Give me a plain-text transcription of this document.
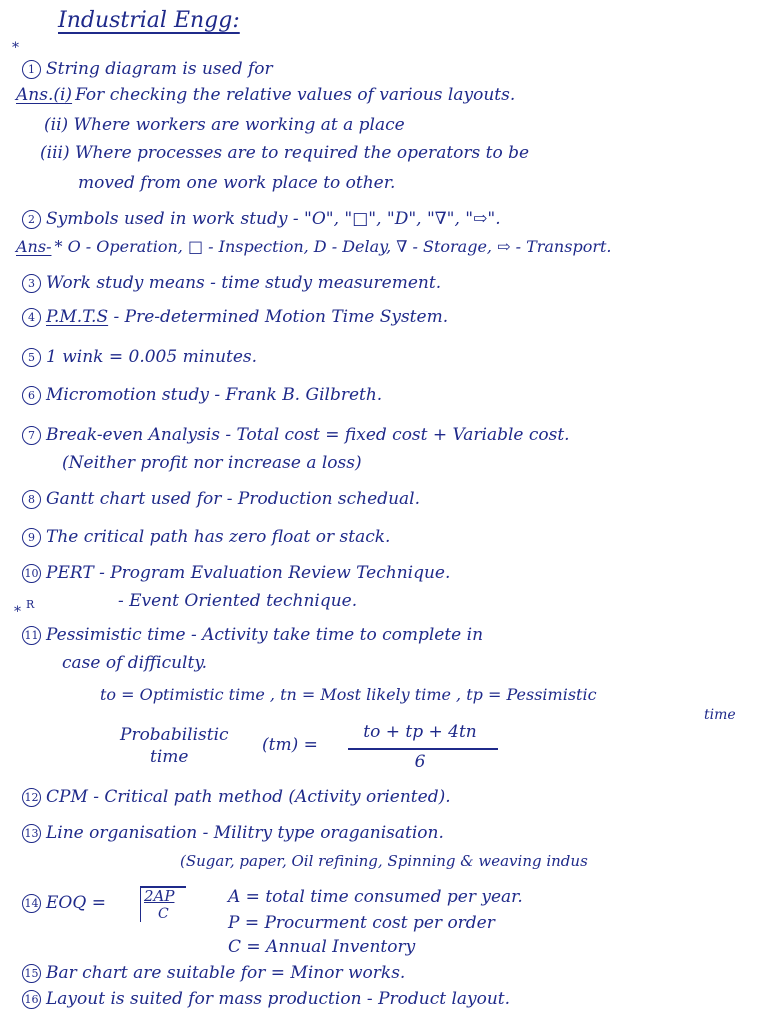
Industrial Engg:
*
1 String diagram is used for
Ans.(i) For checking the relative values of various layouts.
(ii) Where workers are working at a place
(iii) Where processes are to required the operators to be
moved from one work place to other.
2 Symbols used in work study - "O", "□", "D", "∇", "⇨".
Ans- * O - Operation, □ - Inspection, D - Delay, ∇ - Storage, ⇨ - Transport.
3 Work study means - time study measurement.
4 P.M.T.S - Pre-determined Motion Time System.
5 1 wink = 0.005 minutes.
6 Micromotion study - Frank B. Gilbreth.
7 Break-even Analysis - Total cost = fixed cost + Variable cost.
(Neither profit nor increase a loss)
8 Gantt chart used for - Production schedual.
9 The critical path has zero float or stack.
10 PERT - Program Evaluation Review Technique.
- Event Oriented technique.
* R
11 Pessimistic time - Activity take time to complete in
case of difficulty.
to = Optimistic time , tn = Most likely time , tp = Pessimistic
time
Probabilistic
time
(tm) =
to + tp + 4tn
6
12 CPM - Critical path method (Activity oriented).
13 Line organisation - Militry type oraganisation.
(Sugar, paper, Oil refining, Spinning & weaving indus
14 EOQ = $\frac{2AP}{C}$ A = total time consumed per year.
P = Procurment cost per order
C = Annual Inventory
15 Bar chart are suitable for = Minor works.
16 Layout is suited for mass production - Product layout.
